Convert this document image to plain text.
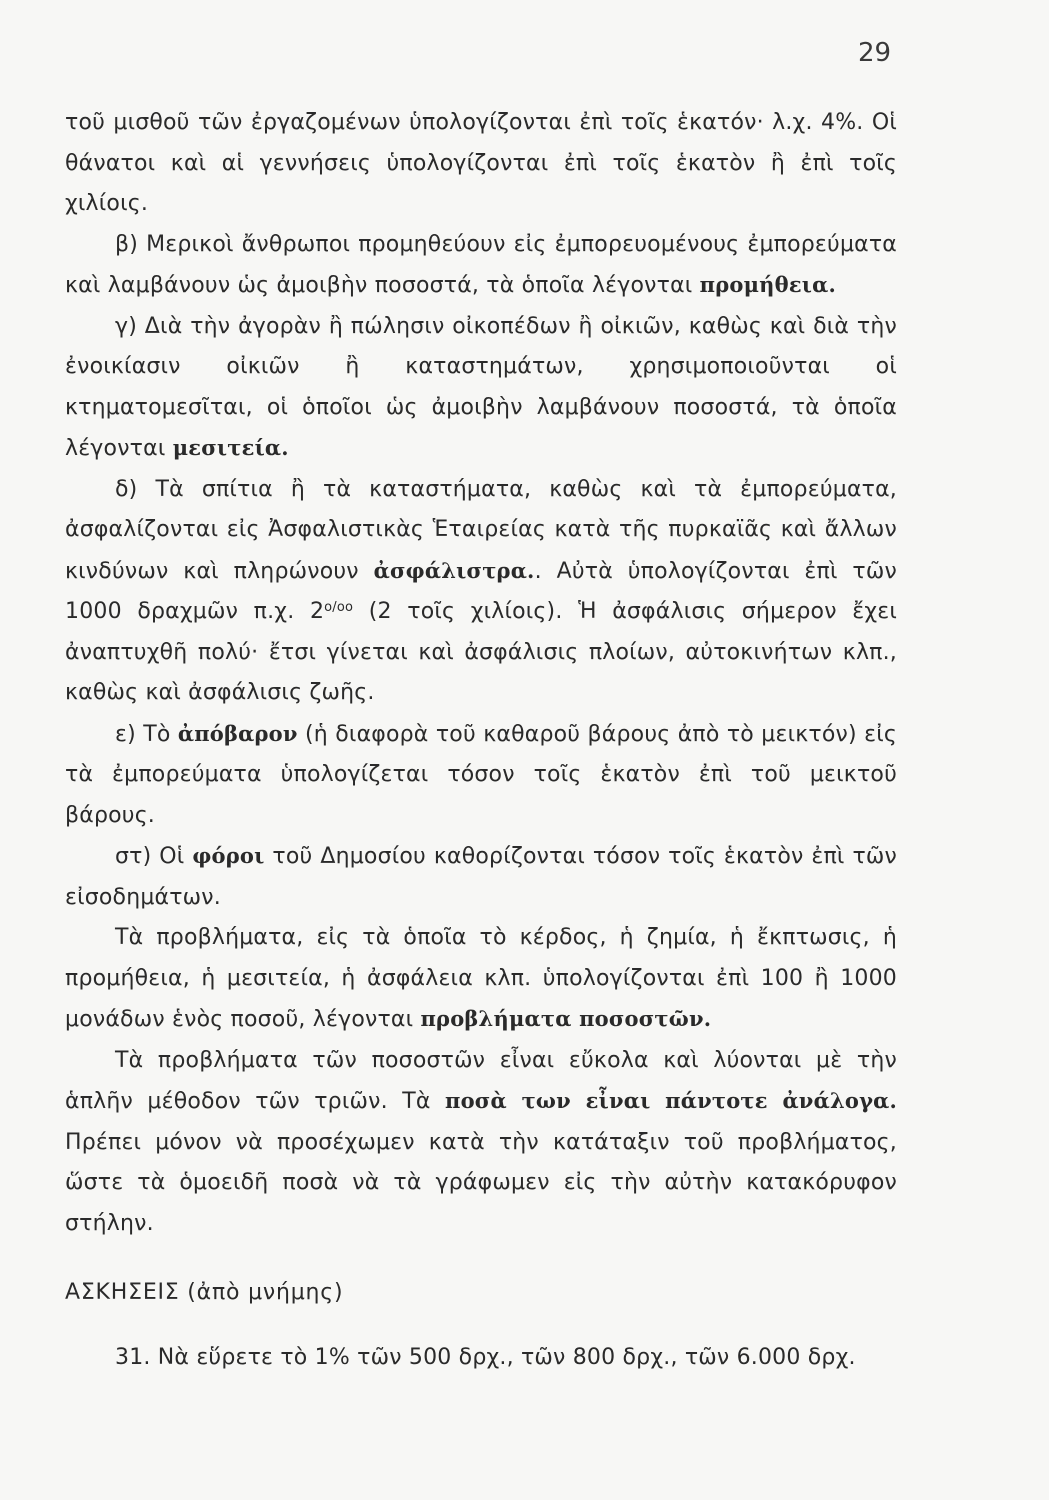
29

τοῦ μισθοῦ τῶν ἐργαζομένων ὑπολογίζονται ἐπὶ τοῖς ἑκατόν· λ.χ. 4%. Οἱ θάνατοι καὶ αἱ γεννήσεις ὑπολογίζονται ἐπὶ τοῖς ἑκατὸν ἢ ἐπὶ τοῖς χιλίοις.

β) Μερικοὶ ἄνθρωποι προμηθεύουν εἰς ἐμπορευομένους ἐμπορεύματα καὶ λαμβάνουν ὡς ἀμοιβὴν ποσοστά, τὰ ὁποῖα λέγονται προμήθεια.

γ) Διὰ τὴν ἀγορὰν ἢ πώλησιν οἰκοπέδων ἢ οἰκιῶν, καθὼς καὶ διὰ τὴν ἐνοικίασιν οἰκιῶν ἢ καταστημάτων, χρησιμοποιοῦνται οἱ κτηματομεσῖται, οἱ ὁποῖοι ὡς ἀμοιβὴν λαμβάνουν ποσοστά, τὰ ὁποῖα λέγονται μεσιτεία.

δ) Τὰ σπίτια ἢ τὰ καταστήματα, καθὼς καὶ τὰ ἐμπορεύματα, ἀσφαλίζονται εἰς Ἀσφαλιστικὰς Ἑταιρείας κατὰ τῆς πυρκαϊᾶς καὶ ἄλλων κινδύνων καὶ πληρώνουν ἀσφάλιστρα.. Αὐτὰ ὑπολογίζονται ἐπὶ τῶν 1000 δραχμῶν π.χ. $2^{o/oo}$ (2 τοῖς χιλίοις). Ἡ ἀσφάλισις σήμερον ἔχει ἀναπτυχθῆ πολύ· ἔτσι γίνεται καὶ ἀσφάλισις πλοίων, αὐτοκινήτων κλπ., καθὼς καὶ ἀσφάλισις ζωῆς.

ε) Τὸ ἀπόβαρον (ἡ διαφορὰ τοῦ καθαροῦ βάρους ἀπὸ τὸ μεικτόν) εἰς τὰ ἐμπορεύματα ὑπολογίζεται τόσον τοῖς ἑκατὸν ἐπὶ τοῦ μεικτοῦ βάρους.

στ) Οἱ φόροι τοῦ Δημοσίου καθορίζονται τόσον τοῖς ἑκατὸν ἐπὶ τῶν εἰσοδημάτων.

Τὰ προβλήματα, εἰς τὰ ὁποῖα τὸ κέρδος, ἡ ζημία, ἡ ἔκπτωσις, ἡ προμήθεια, ἡ μεσιτεία, ἡ ἀσφάλεια κλπ. ὑπολογίζονται ἐπὶ 100 ἢ 1000 μονάδων ἑνὸς ποσοῦ, λέγονται προβλήματα ποσοστῶν.

Τὰ προβλήματα τῶν ποσοστῶν εἶναι εὔκολα καὶ λύονται μὲ τὴν ἁπλῆν μέθοδον τῶν τριῶν. Τὰ ποσὰ των εἶναι πάντοτε ἀνάλογα. Πρέπει μόνον νὰ προσέχωμεν κατὰ τὴν κατάταξιν τοῦ προβλήματος, ὥστε τὰ ὁμοειδῆ ποσὰ νὰ τὰ γράφωμεν εἰς τὴν αὐτὴν κατακόρυφον στήλην.

ΑΣΚΗΣΕΙΣ (ἀπὸ μνήμης)

31. Νὰ εὕρετε τὸ 1% τῶν 500 δρχ., τῶν 800 δρχ., τῶν 6.000 δρχ.
